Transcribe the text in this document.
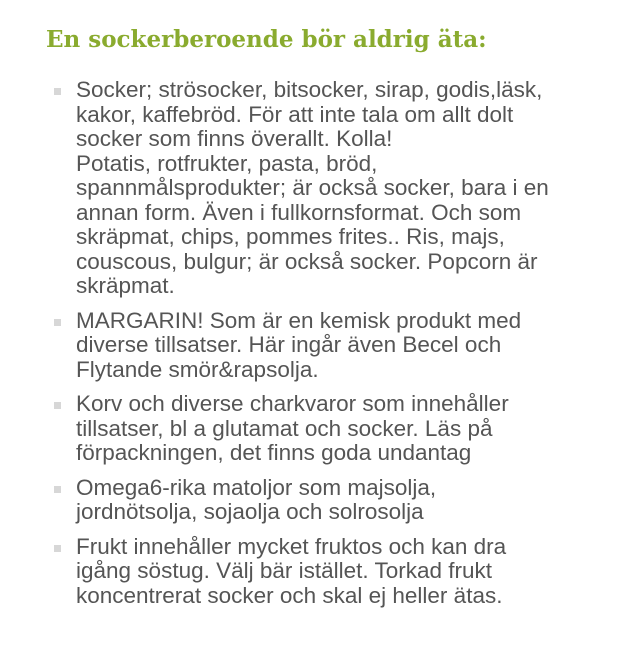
En sockerberoende bör aldrig äta:
Socker; strösocker, bitsocker, sirap, godis,läsk,
kakor, kaffebröd. För att inte tala om allt dolt
socker som finns överallt. Kolla!
Potatis, rotfrukter, pasta, bröd,
spannmålsprodukter; är också socker, bara i en
annan form. Även i fullkornsformat. Och som
skräpmat, chips, pommes frites.. Ris, majs,
couscous, bulgur; är också socker. Popcorn är
skräpmat.
MARGARIN! Som är en kemisk produkt med
diverse tillsatser. Här ingår även Becel och
Flytande smör&rapsolja.
Korv och diverse charkvaror som innehåller
tillsatser, bl a glutamat och socker. Läs på
förpackningen, det finns goda undantag
Omega6-rika matoljor som majsolja,
jordnötsolja, sojaolja och solrosolja
Frukt innehåller mycket fruktos och kan dra
igång söstug. Välj bär istället. Torkad frukt
koncentrerat socker och skal ej heller ätas.
